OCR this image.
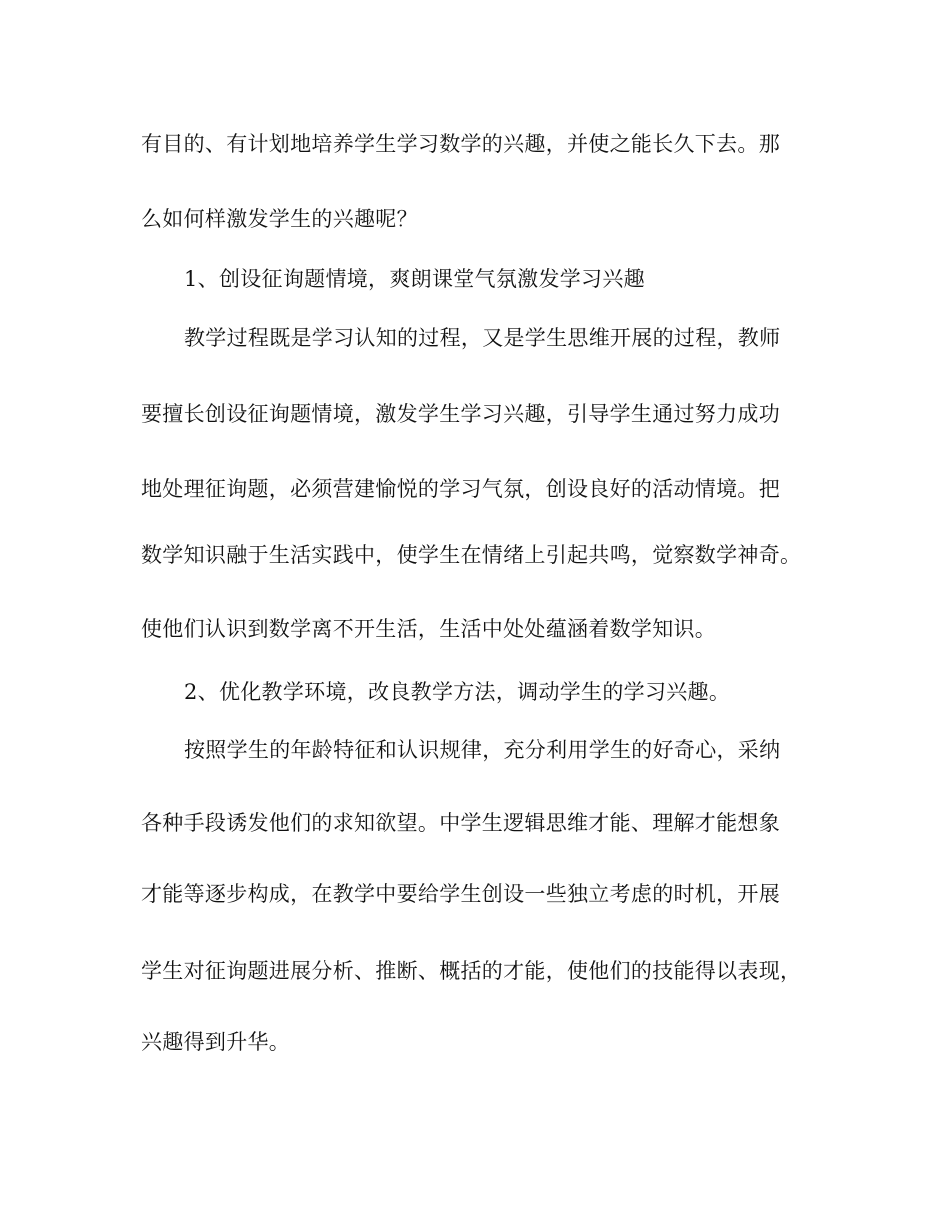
有目的、有计划地培养学生学习数学的兴趣，并使之能长久下去。那
么如何样激发学生的兴趣呢？
1、创设征询题情境，爽朗课堂气氛激发学习兴趣
教学过程既是学习认知的过程，又是学生思维开展的过程，教师
要擅长创设征询题情境，激发学生学习兴趣，引导学生通过努力成功
地处理征询题，必须营建愉悦的学习气氛，创设良好的活动情境。把
数学知识融于生活实践中，使学生在情绪上引起共鸣，觉察数学神奇。
使他们认识到数学离不开生活，生活中处处蕴涵着数学知识。
2、优化教学环境，改良教学方法，调动学生的学习兴趣。
按照学生的年龄特征和认识规律，充分利用学生的好奇心，采纳
各种手段诱发他们的求知欲望。中学生逻辑思维才能、理解才能想象
才能等逐步构成，在教学中要给学生创设一些独立考虑的时机，开展
学生对征询题进展分析、推断、概括的才能，使他们的技能得以表现，
兴趣得到升华。
